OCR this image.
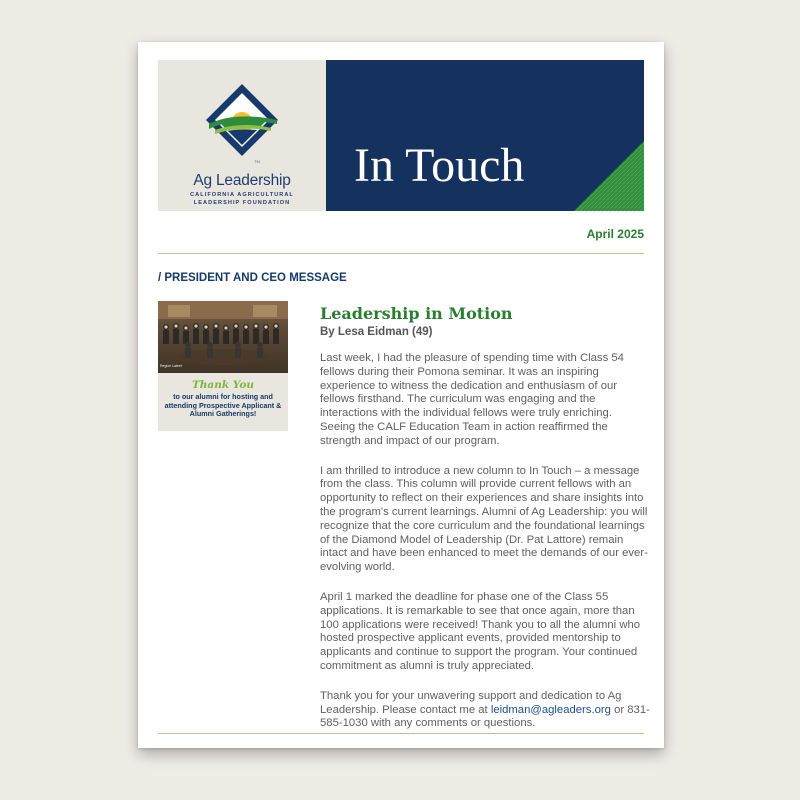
TM
Ag Leadership
CALIFORNIA AGRICULTURAL
LEADERSHIP FOUNDATION
In Touch
April 2025
/ PRESIDENT AND CEO MESSAGE
Region Lateef
Thank You
to our alumni for hosting and attending Prospective Applicant & Alumni Gatherings!
Leadership in Motion
By Lesa Eidman (49)
Last week, I had the pleasure of spending time with Class 54 fellows during their Pomona seminar. It was an inspiring experience to witness the dedication and enthusiasm of our fellows firsthand. The curriculum was engaging and the interactions with the individual fellows were truly enriching. Seeing the CALF Education Team in action reaffirmed the strength and impact of our program.
I am thrilled to introduce a new column to In Touch – a message from the class. This column will provide current fellows with an opportunity to reflect on their experiences and share insights into the program's current learnings. Alumni of Ag Leadership: you will recognize that the core curriculum and the foundational learnings of the Diamond Model of Leadership (Dr. Pat Lattore) remain intact and have been enhanced to meet the demands of our ever-evolving world.
April 1 marked the deadline for phase one of the Class 55 applications. It is remarkable to see that once again, more than 100 applications were received! Thank you to all the alumni who hosted prospective applicant events, provided mentorship to applicants and continue to support the program. Your continued commitment as alumni is truly appreciated.
Thank you for your unwavering support and dedication to Ag Leadership. Please contact me at leidman@agleaders.org or 831-585-1030 with any comments or questions.
